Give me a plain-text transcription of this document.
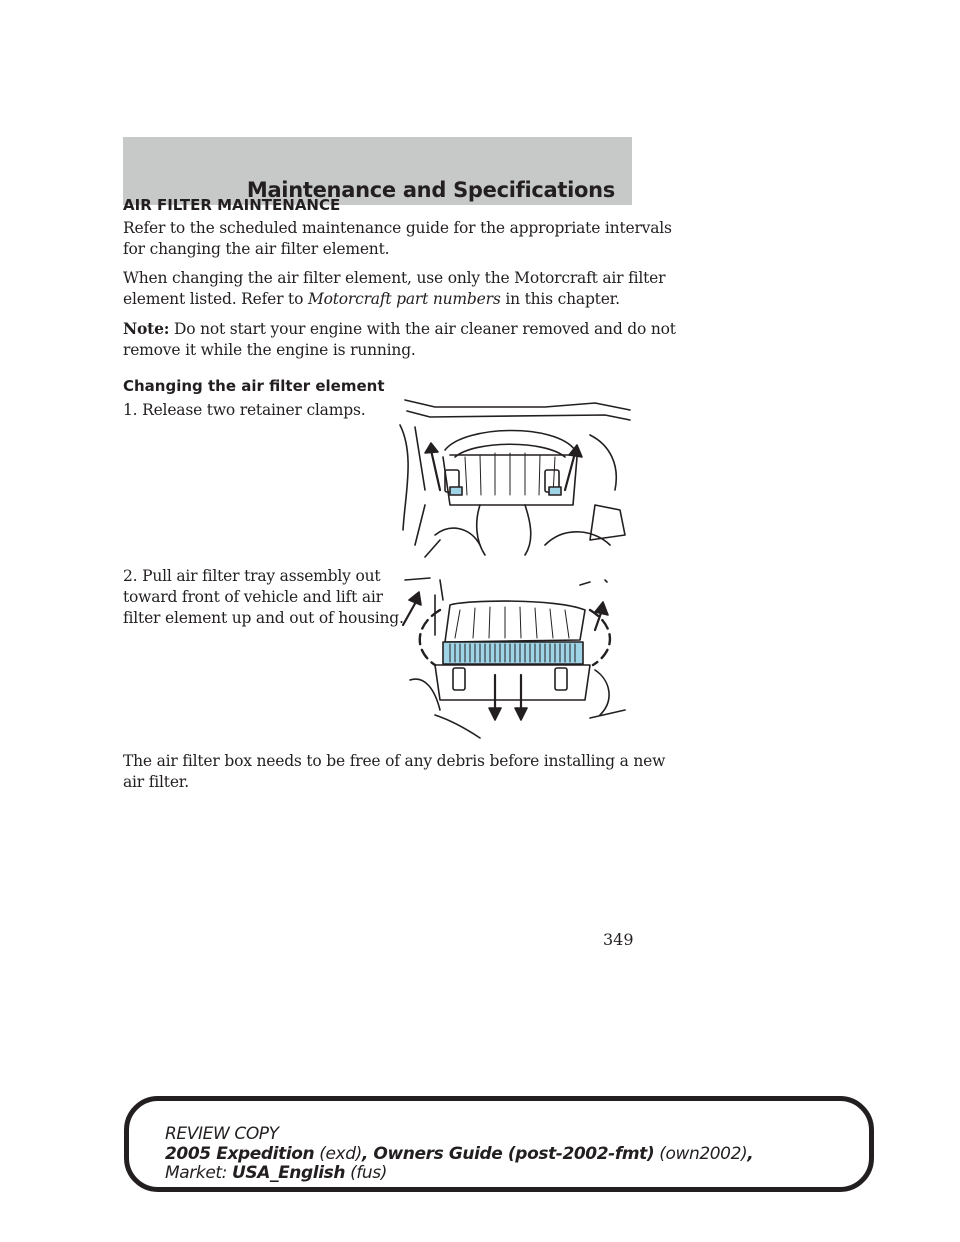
Maintenance and Specifications
AIR FILTER MAINTENANCE
Refer to the scheduled maintenance guide for the appropriate intervals
for changing the air filter element.
When changing the air filter element, use only the Motorcraft air filter
element listed. Refer to Motorcraft part numbers in this chapter.
Note: Do not start your engine with the air cleaner removed and do not
remove it while the engine is running.
Changing the air filter element
1. Release two retainer clamps.
2. Pull air filter tray assembly out
toward front of vehicle and lift air
filter element up and out of housing.
The air filter box needs to be free of any debris before installing a new
air filter.
349
REVIEW COPY
2005 Expedition (exd), Owners Guide (post-2002-fmt) (own2002),
Market: USA_English (fus)
